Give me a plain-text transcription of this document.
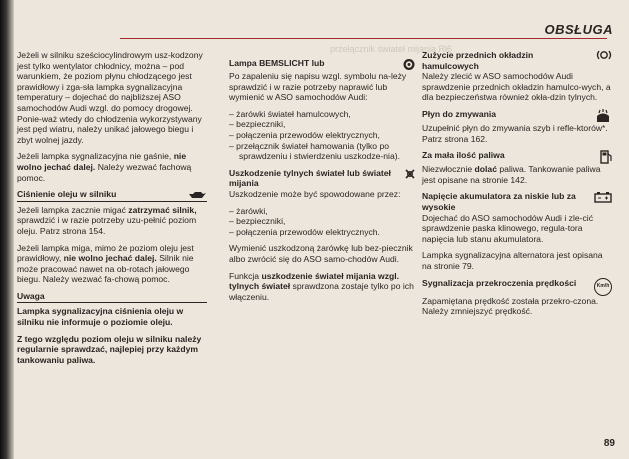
przełącznik świateł mijania Rł6
OBSŁUGA

Jeżeli w silniku sześciocylindrowym usz-kodzony jest tylko wentylator chłodnicy, można – pod warunkiem, że poziom płynu chłodzącego jest prawidłowy i zga-sła lampka sygnalizacyjna temperatury – dojechać do najbliższej ASO samochodów Audi wzgl. do pomocy drogowej. Ponie-waż wtedy do chłodzenia wykorzystywany jest pęd wiatru, należy unikać jałowego biegu i zbyt wolnej jazdy.

Jeżeli lampka sygnalizacyjna nie gaśnie, nie wolno jechać dalej. Należy wezwać fachową pomoc.

Ciśnienie oleju w silniku

Jeżeli lampka zacznie migać zatrzymać silnik, sprawdzić i w razie potrzeby uzu-pełnić poziom oleju. Patrz strona 154.

Jeżeli lampka miga, mimo że poziom oleju jest prawidłowy, nie wolno jechać dalej. Silnik nie może pracować nawet na ob-rotach jałowego biegu. Należy wezwać fa-chową pomoc.

Uwaga

Lampka sygnalizacyjna ciśnienia oleju w silniku nie informuje o poziomie oleju.

Z tego względu poziom oleju w silniku należy regularnie sprawdzać, najlepiej przy każdym tankowaniu paliwa.

Lampa BEMSLICHT lub

Po zapaleniu się napisu wzgl. symbolu na-leży sprawdzić i w razie potrzeby naprawić lub wymienić w ASO samochodów Audi:

– żarówki świateł hamulcowych,
– bezpieczniki,
– połączenia przewodów elektrycznych,
– przełącznik świateł hamowania (tylko po sprawdzeniu i stwierdzeniu uszkodze-nia).
Uszkodzenie tylnych świateł lub świateł mijania

Uszkodzenie może być spowodowane przez:

– żarówki,
– bezpieczniki,
– połączenia przewodów elektrycznych.

Wymienić uszkodzoną żarówkę lub bez-piecznik albo zwrócić się do ASO samo-chodów Audi.

Funkcja uszkodzenie świateł mijania wzgl. tylnych świateł sprawdzona zostaje tylko po ich włączeniu.

Zużycie przednich okładzin hamulcowych

Należy zlecić w ASO samochodów Audi sprawdzenie przednich okładzin hamulco-wych, a dla bezpieczeństwa również okła-dzin tylnych.

Płyn do zmywania

Uzupełnić płyn do zmywania szyb i refle-ktorów*. Patrz strona 162.

Za mała ilość paliwa

Niezwłocznie dolać paliwa. Tankowanie paliwa jest opisane na stronie 142.

Napięcie akumulatora za niskie lub za wysokie

Dojechać do ASO samochodów Audi i zle-cić sprawdzenie paska klinowego, regula-tora napięcia lub stanu akumulatora.

Lampka sygnalizacyjna alternatora jest opisana na stronie 79.

Sygnalizacja przekroczenia prędkości	Km/h

Zapamiętana prędkość została przekro-czona. Należy zmniejszyć prędkość.

89
